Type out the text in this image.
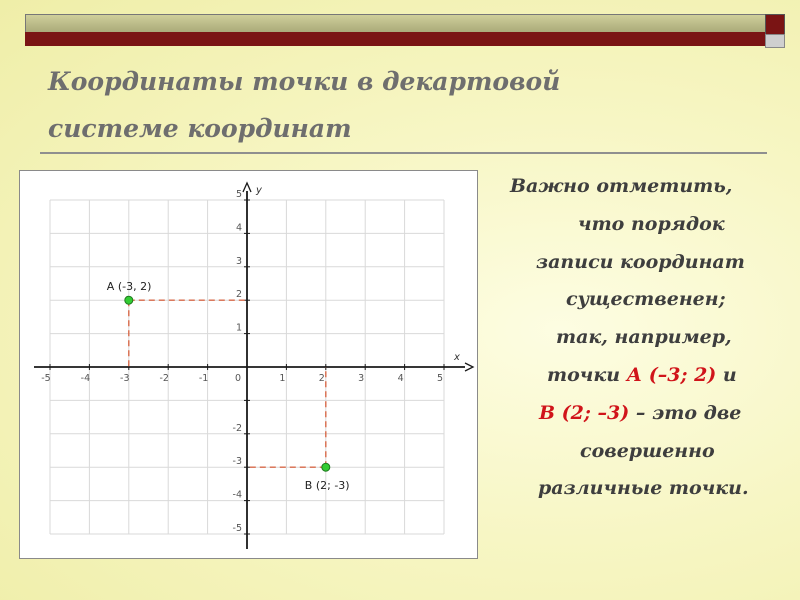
Координаты точки в декартовой
системе координат
x
y
-5	-4	-3	-2	-1	0	1	2	3	4	5
5
4
3
2
1
-2
-3
-4
-5
A (-3, 2)
B (2; -3)
Важно отметить,
что порядок
записи координат
существенен;
так, например,
точки А (–3; 2) и
В (2; –3) – это две
совершенно
различные точки.
